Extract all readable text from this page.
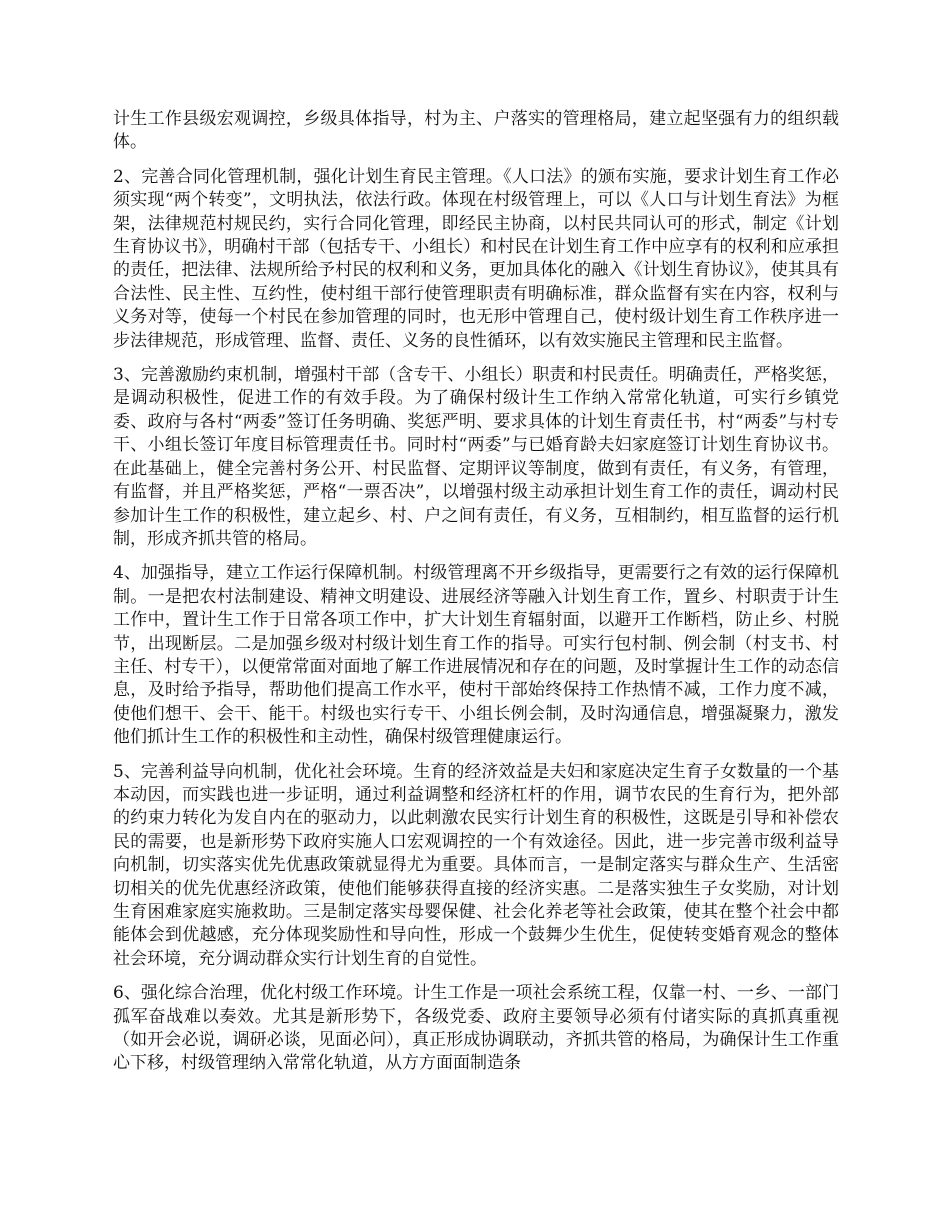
计生工作县级宏观调控，乡级具体指导，村为主、户落实的管理格局，建立起坚强有力的组织载体。

2、完善合同化管理机制，强化计划生育民主管理。《人口法》的颁布实施，要求计划生育工作必须实现“两个转变”，文明执法，依法行政。体现在村级管理上，可以《人口与计划生育法》为框架，法律规范村规民约，实行合同化管理，即经民主协商，以村民共同认可的形式，制定《计划生育协议书》，明确村干部（包括专干、小组长）和村民在计划生育工作中应享有的权利和应承担的责任，把法律、法规所给予村民的权利和义务，更加具体化的融入《计划生育协议》，使其具有合法性、民主性、互约性，使村组干部行使管理职责有明确标准，群众监督有实在内容，权利与义务对等，使每一个村民在参加管理的同时，也无形中管理自己，使村级计划生育工作秩序进一步法律规范，形成管理、监督、责任、义务的良性循环，以有效实施民主管理和民主监督。

3、完善激励约束机制，增强村干部（含专干、小组长）职责和村民责任。明确责任，严格奖惩，是调动积极性，促进工作的有效手段。为了确保村级计生工作纳入常常化轨道，可实行乡镇党委、政府与各村“两委”签订任务明确、奖惩严明、要求具体的计划生育责任书，村“两委”与村专干、小组长签订年度目标管理责任书。同时村“两委”与已婚育龄夫妇家庭签订计划生育协议书。在此基础上，健全完善村务公开、村民监督、定期评议等制度，做到有责任，有义务，有管理，有监督，并且严格奖惩，严格“一票否决”，以增强村级主动承担计划生育工作的责任，调动村民参加计生工作的积极性，建立起乡、村、户之间有责任，有义务，互相制约，相互监督的运行机制，形成齐抓共管的格局。

4、加强指导，建立工作运行保障机制。村级管理离不开乡级指导，更需要行之有效的运行保障机制。一是把农村法制建设、精神文明建设、进展经济等融入计划生育工作，置乡、村职责于计生工作中，置计生工作于日常各项工作中，扩大计划生育辐射面，以避开工作断档，防止乡、村脱节，出现断层。二是加强乡级对村级计划生育工作的指导。可实行包村制、例会制（村支书、村主任、村专干），以便常常面对面地了解工作进展情况和存在的问题，及时掌握计生工作的动态信息，及时给予指导，帮助他们提高工作水平，使村干部始终保持工作热情不减，工作力度不减，使他们想干、会干、能干。村级也实行专干、小组长例会制，及时沟通信息，增强凝聚力，激发他们抓计生工作的积极性和主动性，确保村级管理健康运行。

5、完善利益导向机制，优化社会环境。生育的经济效益是夫妇和家庭决定生育子女数量的一个基本动因，而实践也进一步证明，通过利益调整和经济杠杆的作用，调节农民的生育行为，把外部的约束力转化为发自内在的驱动力，以此刺激农民实行计划生育的积极性，这既是引导和补偿农民的需要，也是新形势下政府实施人口宏观调控的一个有效途径。因此，进一步完善市级利益导向机制，切实落实优先优惠政策就显得尤为重要。具体而言，一是制定落实与群众生产、生活密切相关的优先优惠经济政策，使他们能够获得直接的经济实惠。二是落实独生子女奖励，对计划生育困难家庭实施救助。三是制定落实母婴保健、社会化养老等社会政策，使其在整个社会中都能体会到优越感，充分体现奖励性和导向性，形成一个鼓舞少生优生，促使转变婚育观念的整体社会环境，充分调动群众实行计划生育的自觉性。

6、强化综合治理，优化村级工作环境。计生工作是一项社会系统工程，仅靠一村、一乡、一部门孤军奋战难以奏效。尤其是新形势下，各级党委、政府主要领导必须有付诸实际的真抓真重视（如开会必说，调研必谈，见面必问），真正形成协调联动，齐抓共管的格局，为确保计生工作重心下移，村级管理纳入常常化轨道，从方方面面制造条
